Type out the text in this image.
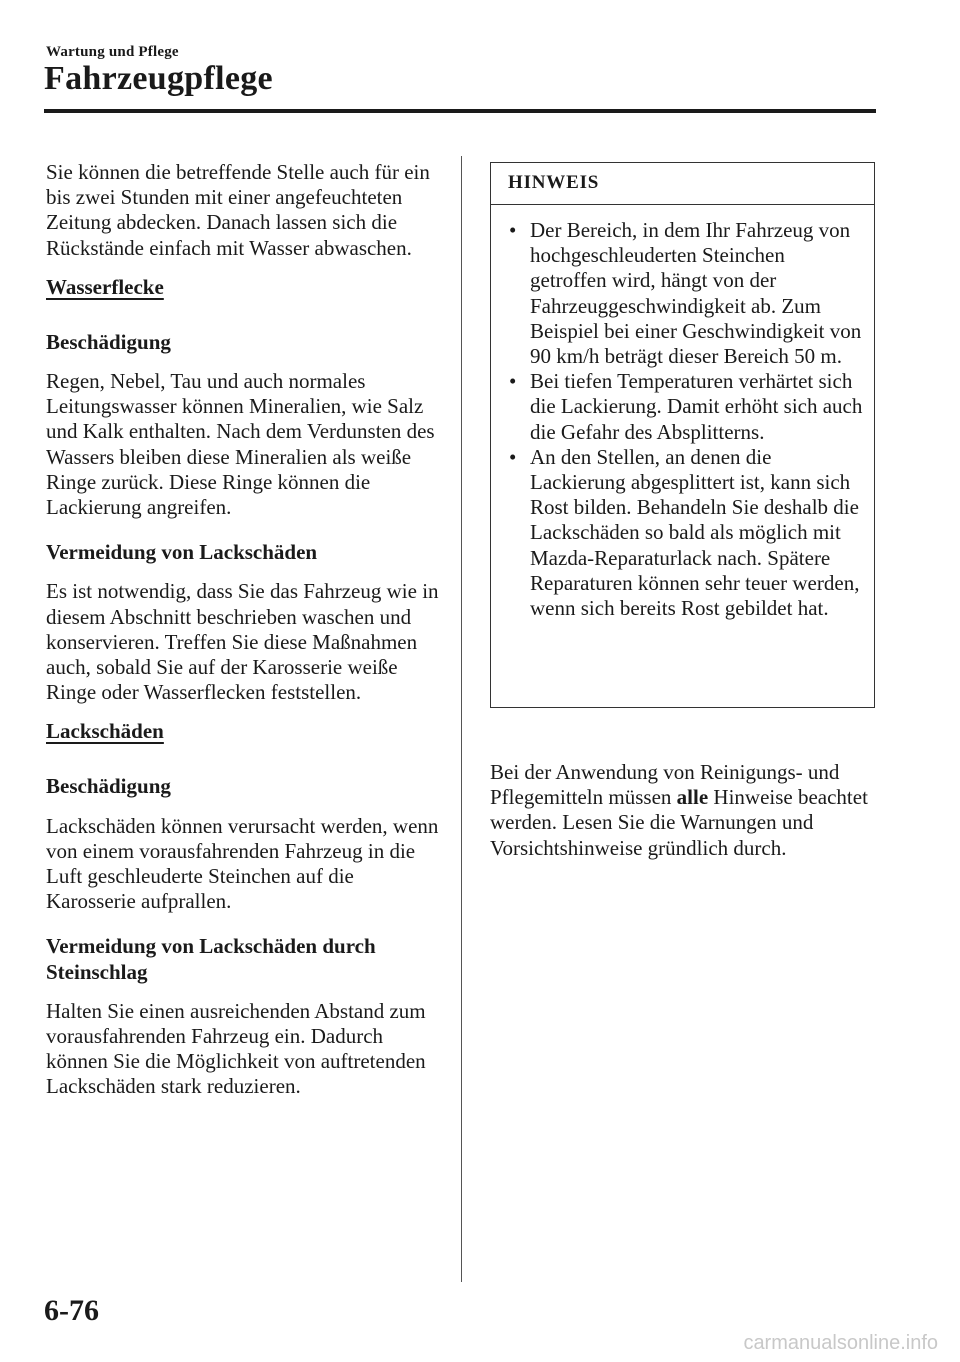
Wartung und Pflege
Fahrzeugpflege

Sie können die betreffende Stelle auch für ein bis zwei Stunden mit einer angefeuchteten Zeitung abdecken. Danach lassen sich die Rückstände einfach mit Wasser abwaschen.

Wasserflecke
Beschädigung

Regen, Nebel, Tau und auch normales Leitungswasser können Mineralien, wie Salz und Kalk enthalten. Nach dem Verdunsten des Wassers bleiben diese Mineralien als weiße Ringe zurück. Diese Ringe können die Lackierung angreifen.

Vermeidung von Lackschäden

Es ist notwendig, dass Sie das Fahrzeug wie in diesem Abschnitt beschrieben waschen und konservieren. Treffen Sie diese Maßnahmen auch, sobald Sie auf der Karosserie weiße Ringe oder Wasserflecken feststellen.

Lackschäden
Beschädigung

Lackschäden können verursacht werden, wenn von einem vorausfahrenden Fahrzeug in die Luft geschleuderte Steinchen auf die Karosserie aufprallen.

Vermeidung von Lackschäden durch Steinschlag

Halten Sie einen ausreichenden Abstand zum vorausfahrenden Fahrzeug ein. Dadurch können Sie die Möglichkeit von auftretenden Lackschäden stark reduzieren.

HINWEIS
• Der Bereich, in dem Ihr Fahrzeug von hochgeschleuderten Steinchen getroffen wird, hängt von der Fahrzeuggeschwindigkeit ab. Zum Beispiel bei einer Geschwindigkeit von 90 km/h beträgt dieser Bereich 50 m.
• Bei tiefen Temperaturen verhärtet sich die Lackierung. Damit erhöht sich auch die Gefahr des Absplitterns.
• An den Stellen, an denen die Lackierung abgesplittert ist, kann sich Rost bilden. Behandeln Sie deshalb die Lackschäden so bald als möglich mit Mazda-Reparaturlack nach. Spätere Reparaturen können sehr teuer werden, wenn sich bereits Rost gebildet hat.
Bei der Anwendung von Reinigungs- und Pflegemitteln müssen alle Hinweise beachtet werden. Lesen Sie die Warnungen und Vorsichtshinweise gründlich durch.
6-76
carmanualsonline.info
